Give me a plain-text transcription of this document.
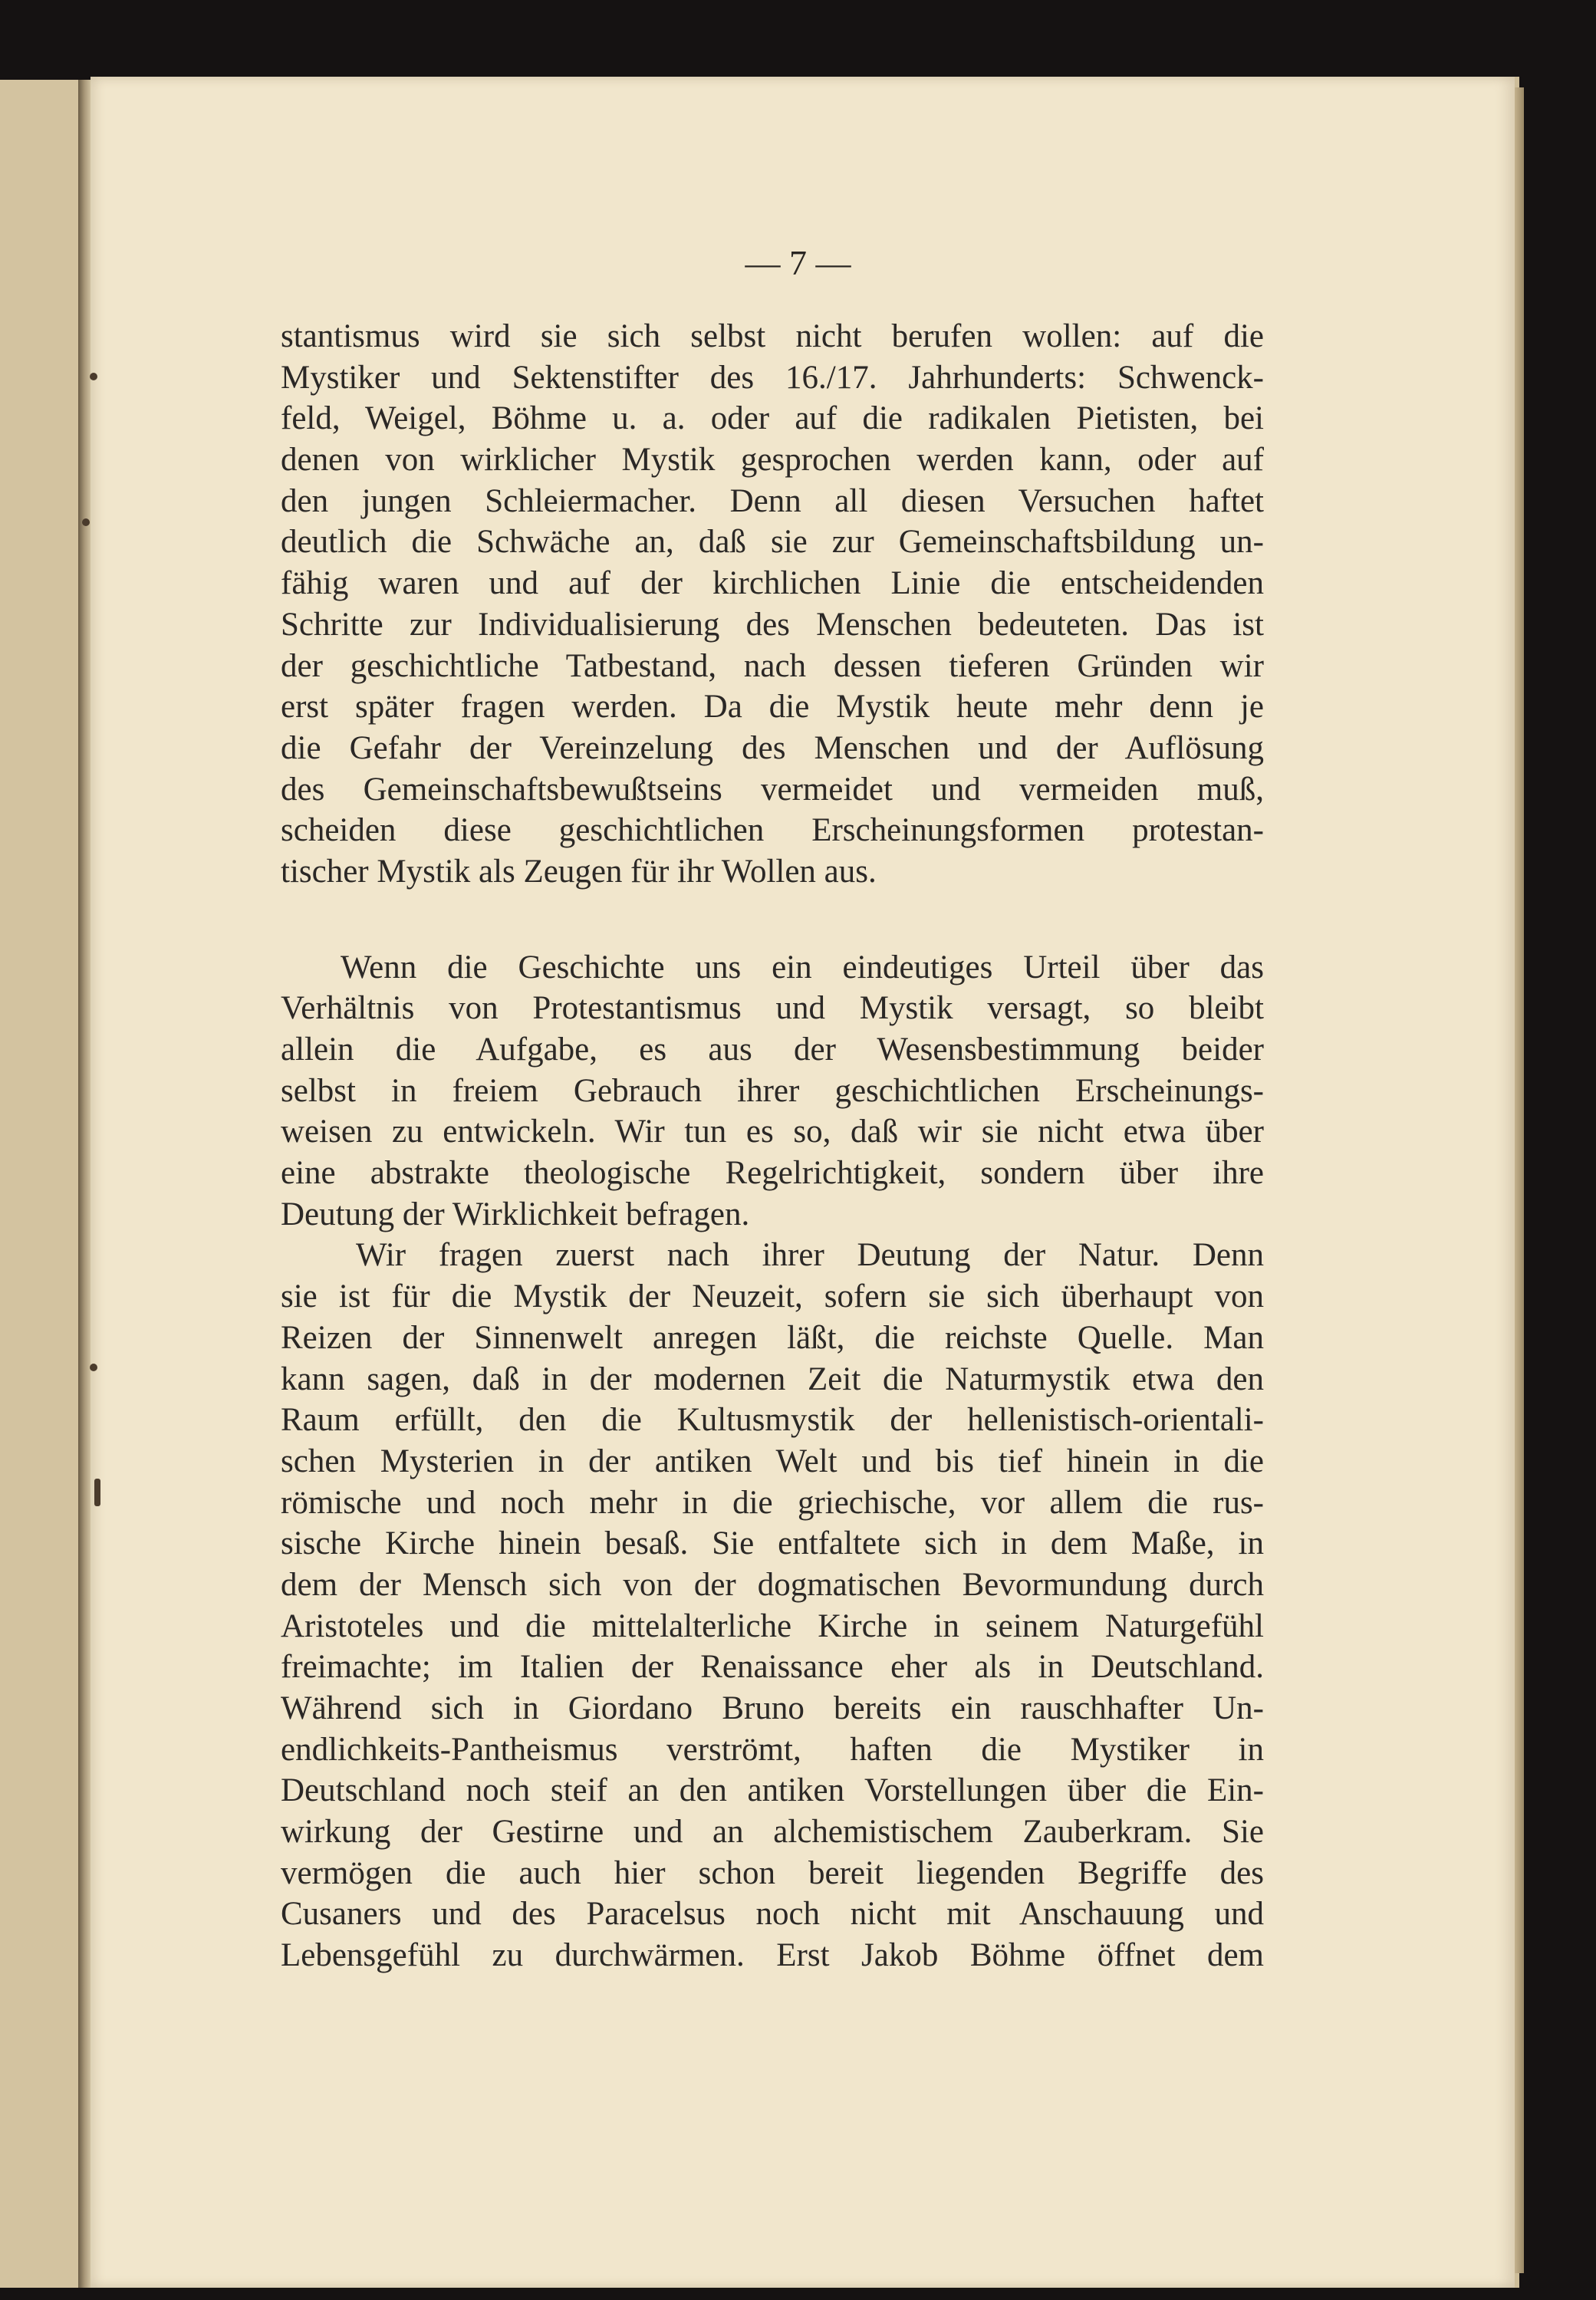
— 7 —
stantismus wird sie sich selbst nicht berufen wollen: auf die
Mystiker und Sektenstifter des 16./17. Jahrhunderts: Schwenck-
feld, Weigel, Böhme u. a. oder auf die radikalen Pietisten, bei
denen von wirklicher Mystik gesprochen werden kann, oder auf
den jungen Schleiermacher. Denn all diesen Versuchen haftet
deutlich die Schwäche an, daß sie zur Gemeinschaftsbildung un-
fähig waren und auf der kirchlichen Linie die entscheidenden
Schritte zur Individualisierung des Menschen bedeuteten. Das ist
der geschichtliche Tatbestand, nach dessen tieferen Gründen wir
erst später fragen werden. Da die Mystik heute mehr denn je
die Gefahr der Vereinzelung des Menschen und der Auflösung
des Gemeinschaftsbewußtseins vermeidet und vermeiden muß,
scheiden diese geschichtlichen Erscheinungsformen protestan-
tischer Mystik als Zeugen für ihr Wollen aus.
Wenn die Geschichte uns ein eindeutiges Urteil über das
Verhältnis von Protestantismus und Mystik versagt, so bleibt
allein die Aufgabe, es aus der Wesensbestimmung beider
selbst in freiem Gebrauch ihrer geschichtlichen Erscheinungs-
weisen zu entwickeln. Wir tun es so, daß wir sie nicht etwa über
eine abstrakte theologische Regelrichtigkeit, sondern über ihre
Deutung der Wirklichkeit befragen.
Wir fragen zuerst nach ihrer Deutung der Natur. Denn
sie ist für die Mystik der Neuzeit, sofern sie sich überhaupt von
Reizen der Sinnenwelt anregen läßt, die reichste Quelle. Man
kann sagen, daß in der modernen Zeit die Naturmystik etwa den
Raum erfüllt, den die Kultusmystik der hellenistisch-orientali-
schen Mysterien in der antiken Welt und bis tief hinein in die
römische und noch mehr in die griechische, vor allem die rus-
sische Kirche hinein besaß. Sie entfaltete sich in dem Maße, in
dem der Mensch sich von der dogmatischen Bevormundung durch
Aristoteles und die mittelalterliche Kirche in seinem Naturgefühl
freimachte; im Italien der Renaissance eher als in Deutschland.
Während sich in Giordano Bruno bereits ein rauschhafter Un-
endlichkeits-Pantheismus verströmt, haften die Mystiker in
Deutschland noch steif an den antiken Vorstellungen über die Ein-
wirkung der Gestirne und an alchemistischem Zauberkram. Sie
vermögen die auch hier schon bereit liegenden Begriffe des
Cusaners und des Paracelsus noch nicht mit Anschauung und
Lebensgefühl zu durchwärmen. Erst Jakob Böhme öffnet dem
